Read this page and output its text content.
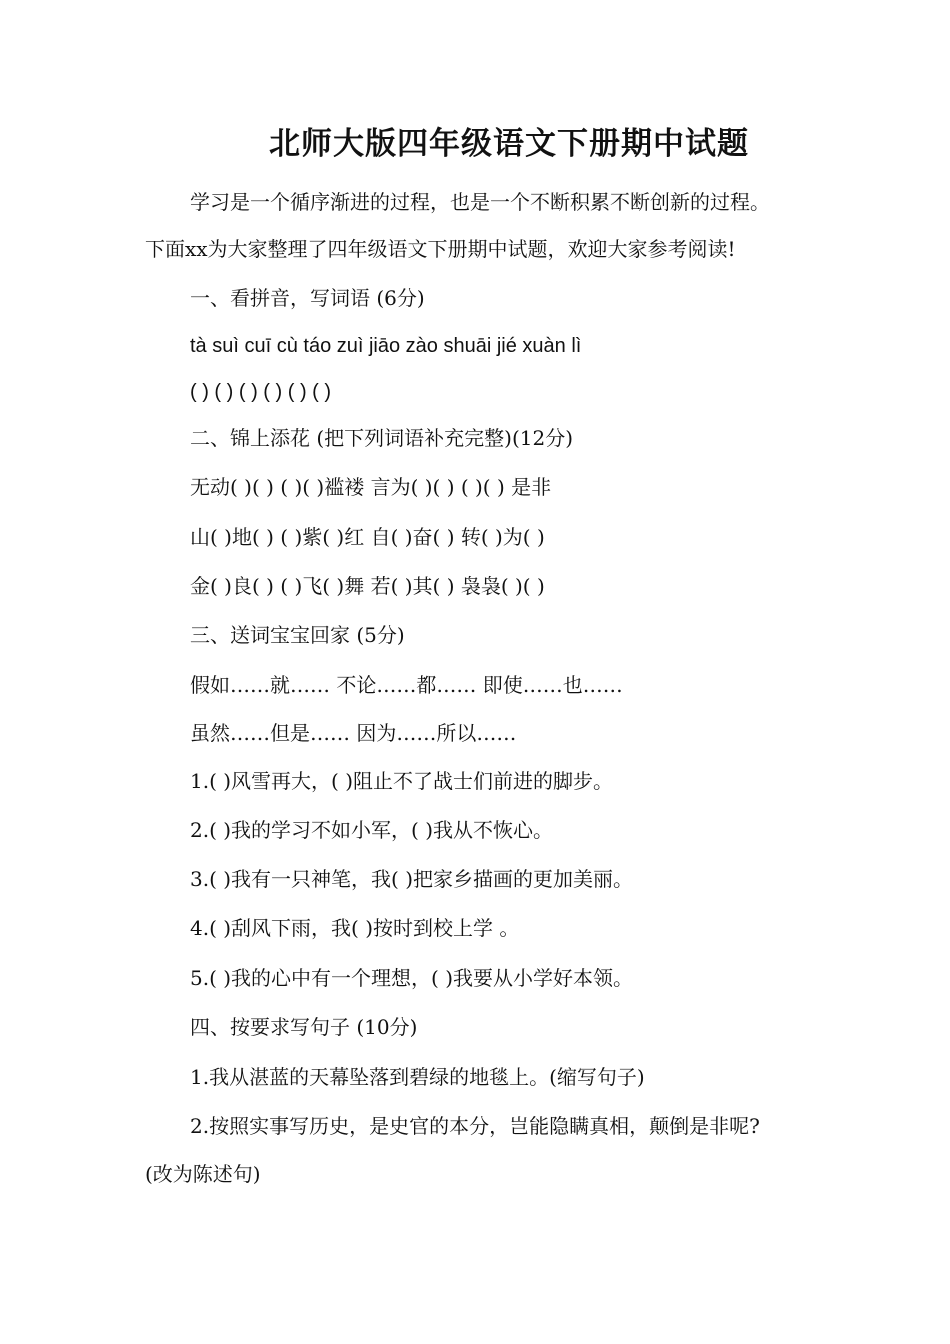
北师大版四年级语文下册期中试题
学习是一个循序渐进的过程，也是一个不断积累不断创新的过程。
下面xx为大家整理了四年级语文下册期中试题，欢迎大家参考阅读!
一、看拼音，写词语 (6分)
tà suì cuī cù táo zuì jiāo zào shuāi jié xuàn lì
( ) ( ) ( ) ( ) ( ) ( )
二、锦上添花 (把下列词语补充完整)(12分)
无动( )( ) ( )( )褴褛 言为( )( ) ( )( ) 是非
山( )地( ) ( )紫( )红 自( )奋( ) 转( )为( )
金( )良( ) ( )飞( )舞 若( )其( ) 袅袅( )( )
三、送词宝宝回家 (5分)
假如……就…… 不论……都…… 即使……也……
虽然……但是…… 因为……所以……
1.( )风雪再大，( )阻止不了战士们前进的脚步。
2.( )我的学习不如小军，( )我从不恢心。
3.( )我有一只神笔，我( )把家乡描画的更加美丽。
4.( )刮风下雨，我( )按时到校上学 。
5.( )我的心中有一个理想，( )我要从小学好本领。
四、按要求写句子 (10分)
1.我从湛蓝的天幕坠落到碧绿的地毯上。(缩写句子)
2.按照实事写历史，是史官的本分，岂能隐瞒真相，颠倒是非呢?
(改为陈述句)
